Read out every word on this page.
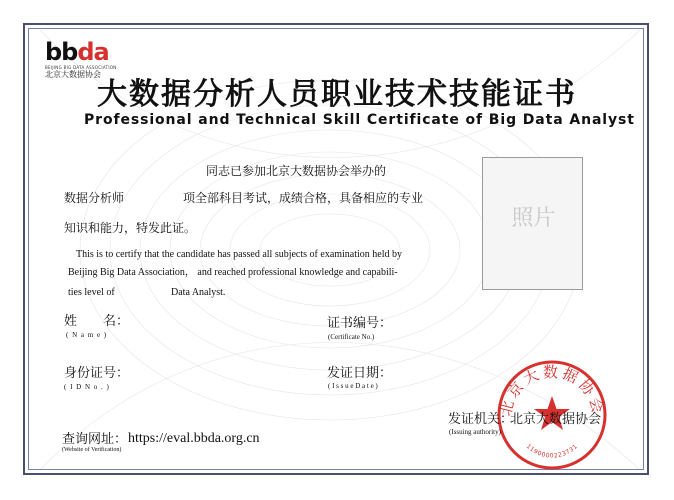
bbda
BEIJING BIG DATA ASSOCIATION
北京大数据协会
大数据分析人员职业技术技能证书
Professional and Technical Skill Certificate of Big Data Analyst
同志已参加北京大数据协会举办的
数据分析师	项全部科目考试，成绩合格，具备相应的专业
知识和能力，特发此证。
This is to certify that the candidate has passed all subjects of examination held by
Beijing Big Data Association， and reached professional knowledge and capabili-
ties level of	Data Analyst.
照片
姓　　名：
( N a m e )
身份证号：
( I D N o . )
证书编号：
(Certificate No.)
发证日期：
( I s s u e D a t e )
查询网址： https://eval.bbda.org.cn
(Website of Verification)
北京大数据协会
1190000223731
发证机关：
北京大数据协会
(Issuing authority)
